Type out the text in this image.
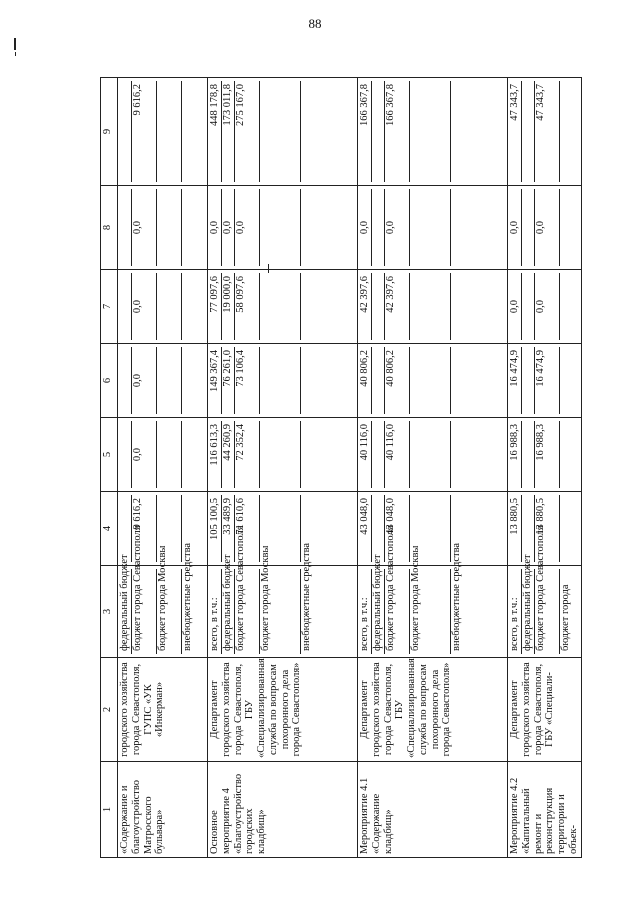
88
1	2	3	4	5	6	7	8	9
«Содержание и благоустройство Матросского бульвара»	городского хозяйства города Севастополя, ГУПС «УК «Инкерман»	федеральный бюджет бюджет города Севастополя бюджет города Москвы внебюджетные средства	9 616,2	0,0	0,0	0,0	0,0	9 616,2

Основное мероприятие 4 «Благоустройство городских кладбищ»	Департамент городского хозяйства города Севастополя, ГБУ «Специализированная служба по вопросам похоронного дела города Севастополя»	всего, в т.ч.: федеральный бюджет бюджет города Севастополя бюджет города Москвы внебюджетные средства	105 100,5 33 489,9 71 610,6	116 613,3 44 260,9 72 352,4	149 367,4 76 261,0 73 106,4	77 097,6 19 000,0 58 097,6	0,0 0,0 0,0	448 178,8 173 011,8 275 167,0

Мероприятие 4.1 «Содержание кладбищ»	Департамент городского хозяйства города Севастополя, ГБУ «Специализированная служба по вопросам похоронного дела города Севастополя»	всего, в т.ч.: федеральный бюджет бюджет города Севастополя бюджет города Москвы внебюджетные средства	43 048,0 43 048,0	40 116,0 40 116,0	40 806,2 40 806,2	42 397,6 42 397,6	0,0 0,0	166 367,8 166 367,8

Мероприятие 4.2 «Капитальный ремонт и реконструкция территории и объек-	Департамент городского хозяйства города Севастополя, ГБУ «Специали-	всего, в т.ч.: федеральный бюджет бюджет города Севастополя бюджет города	13 880,5 13 880,5	16 988,3 16 988,3	16 474,9 16 474,9	0,0 0,0	0,0 0,0	47 343,7 47 343,7
